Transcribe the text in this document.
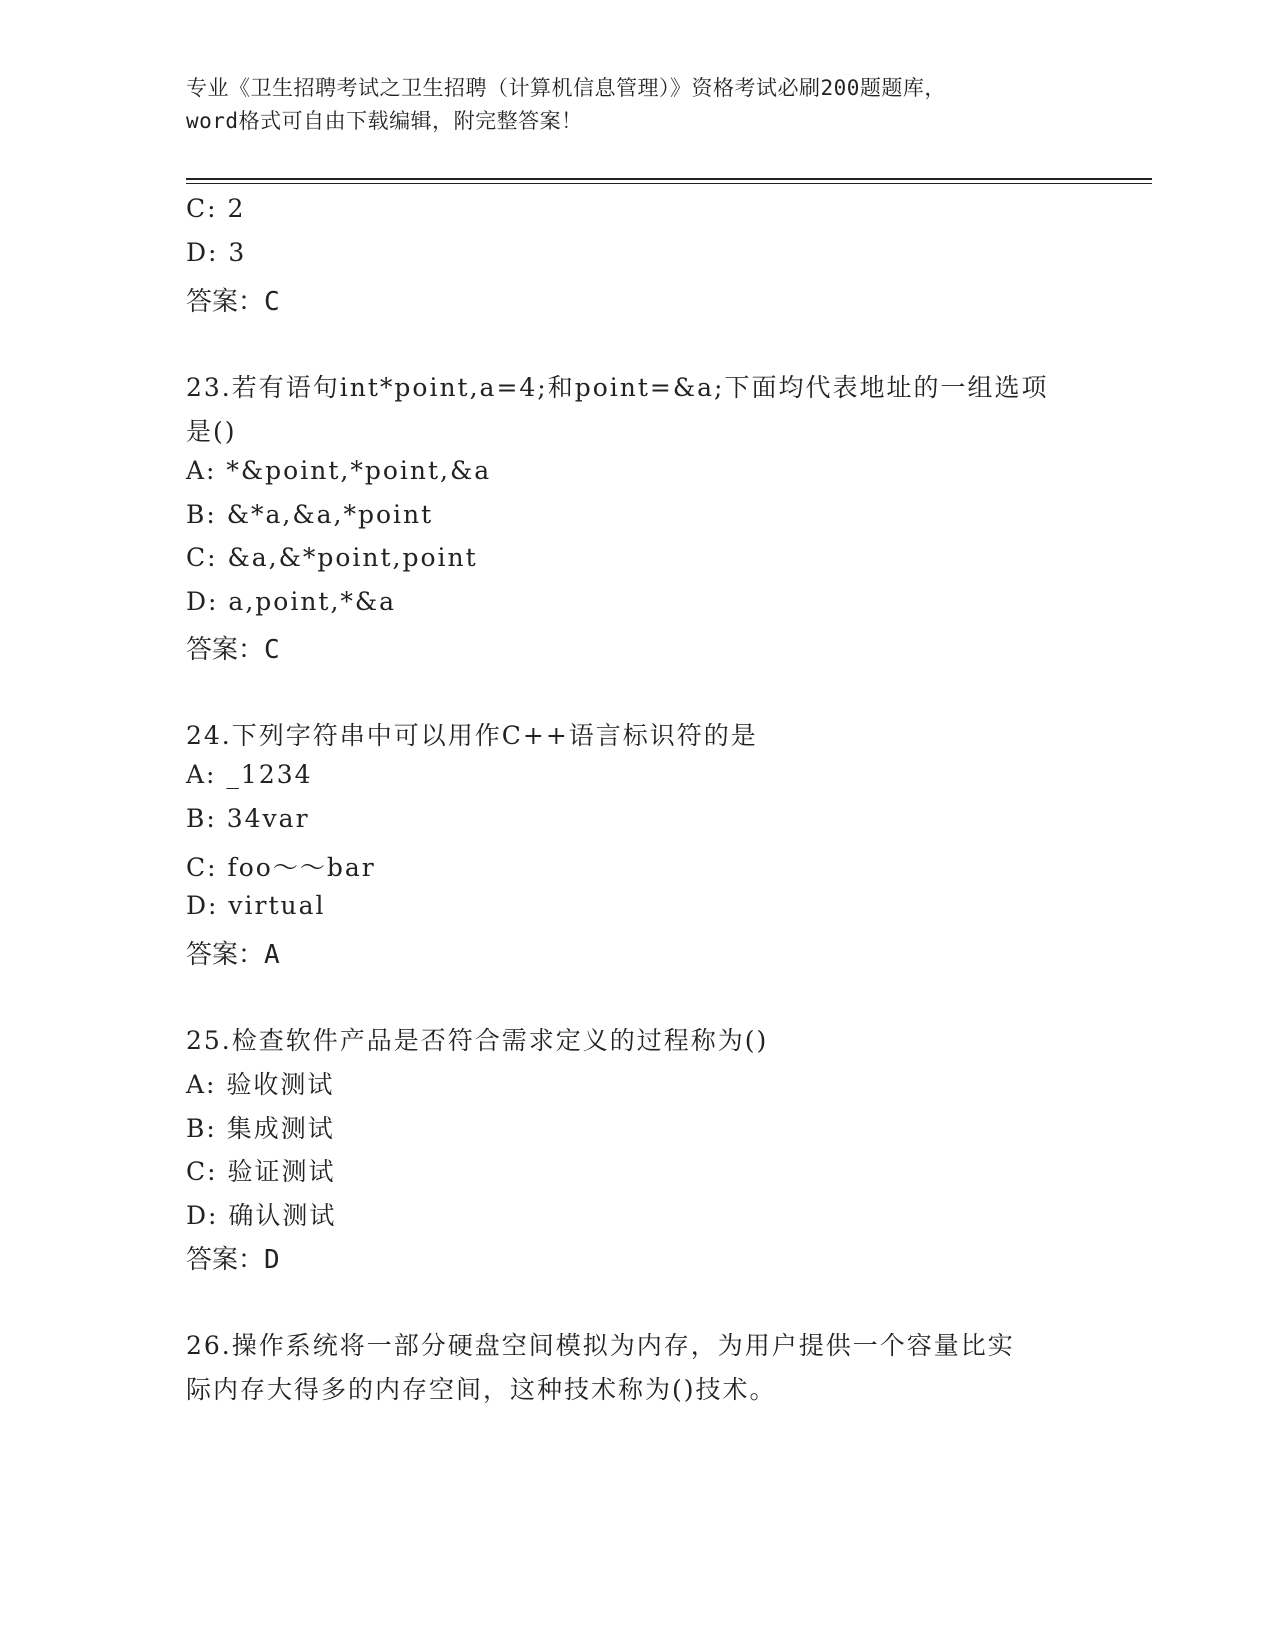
专业《卫生招聘考试之卫生招聘（计算机信息管理）》资格考试必刷200题题库，
word格式可自由下载编辑，附完整答案！
C: 2
D: 3
答案：C
23.若有语句int*point,a=4;和point=&a;下面均代表地址的一组选项
是()
A: *&point,*point,&a
B: &*a,&a,*point
C: &a,&*point,point
D: a,point,*&a
答案：C
24.下列字符串中可以用作C++语言标识符的是
A: _1234
B: 34var
C: foo～～bar
D: virtual
答案：A
25.检查软件产品是否符合需求定义的过程称为()
A: 验收测试
B: 集成测试
C: 验证测试
D: 确认测试
答案：D
26.操作系统将一部分硬盘空间模拟为内存，为用户提供一个容量比实
际内存大得多的内存空间，这种技术称为()技术。
